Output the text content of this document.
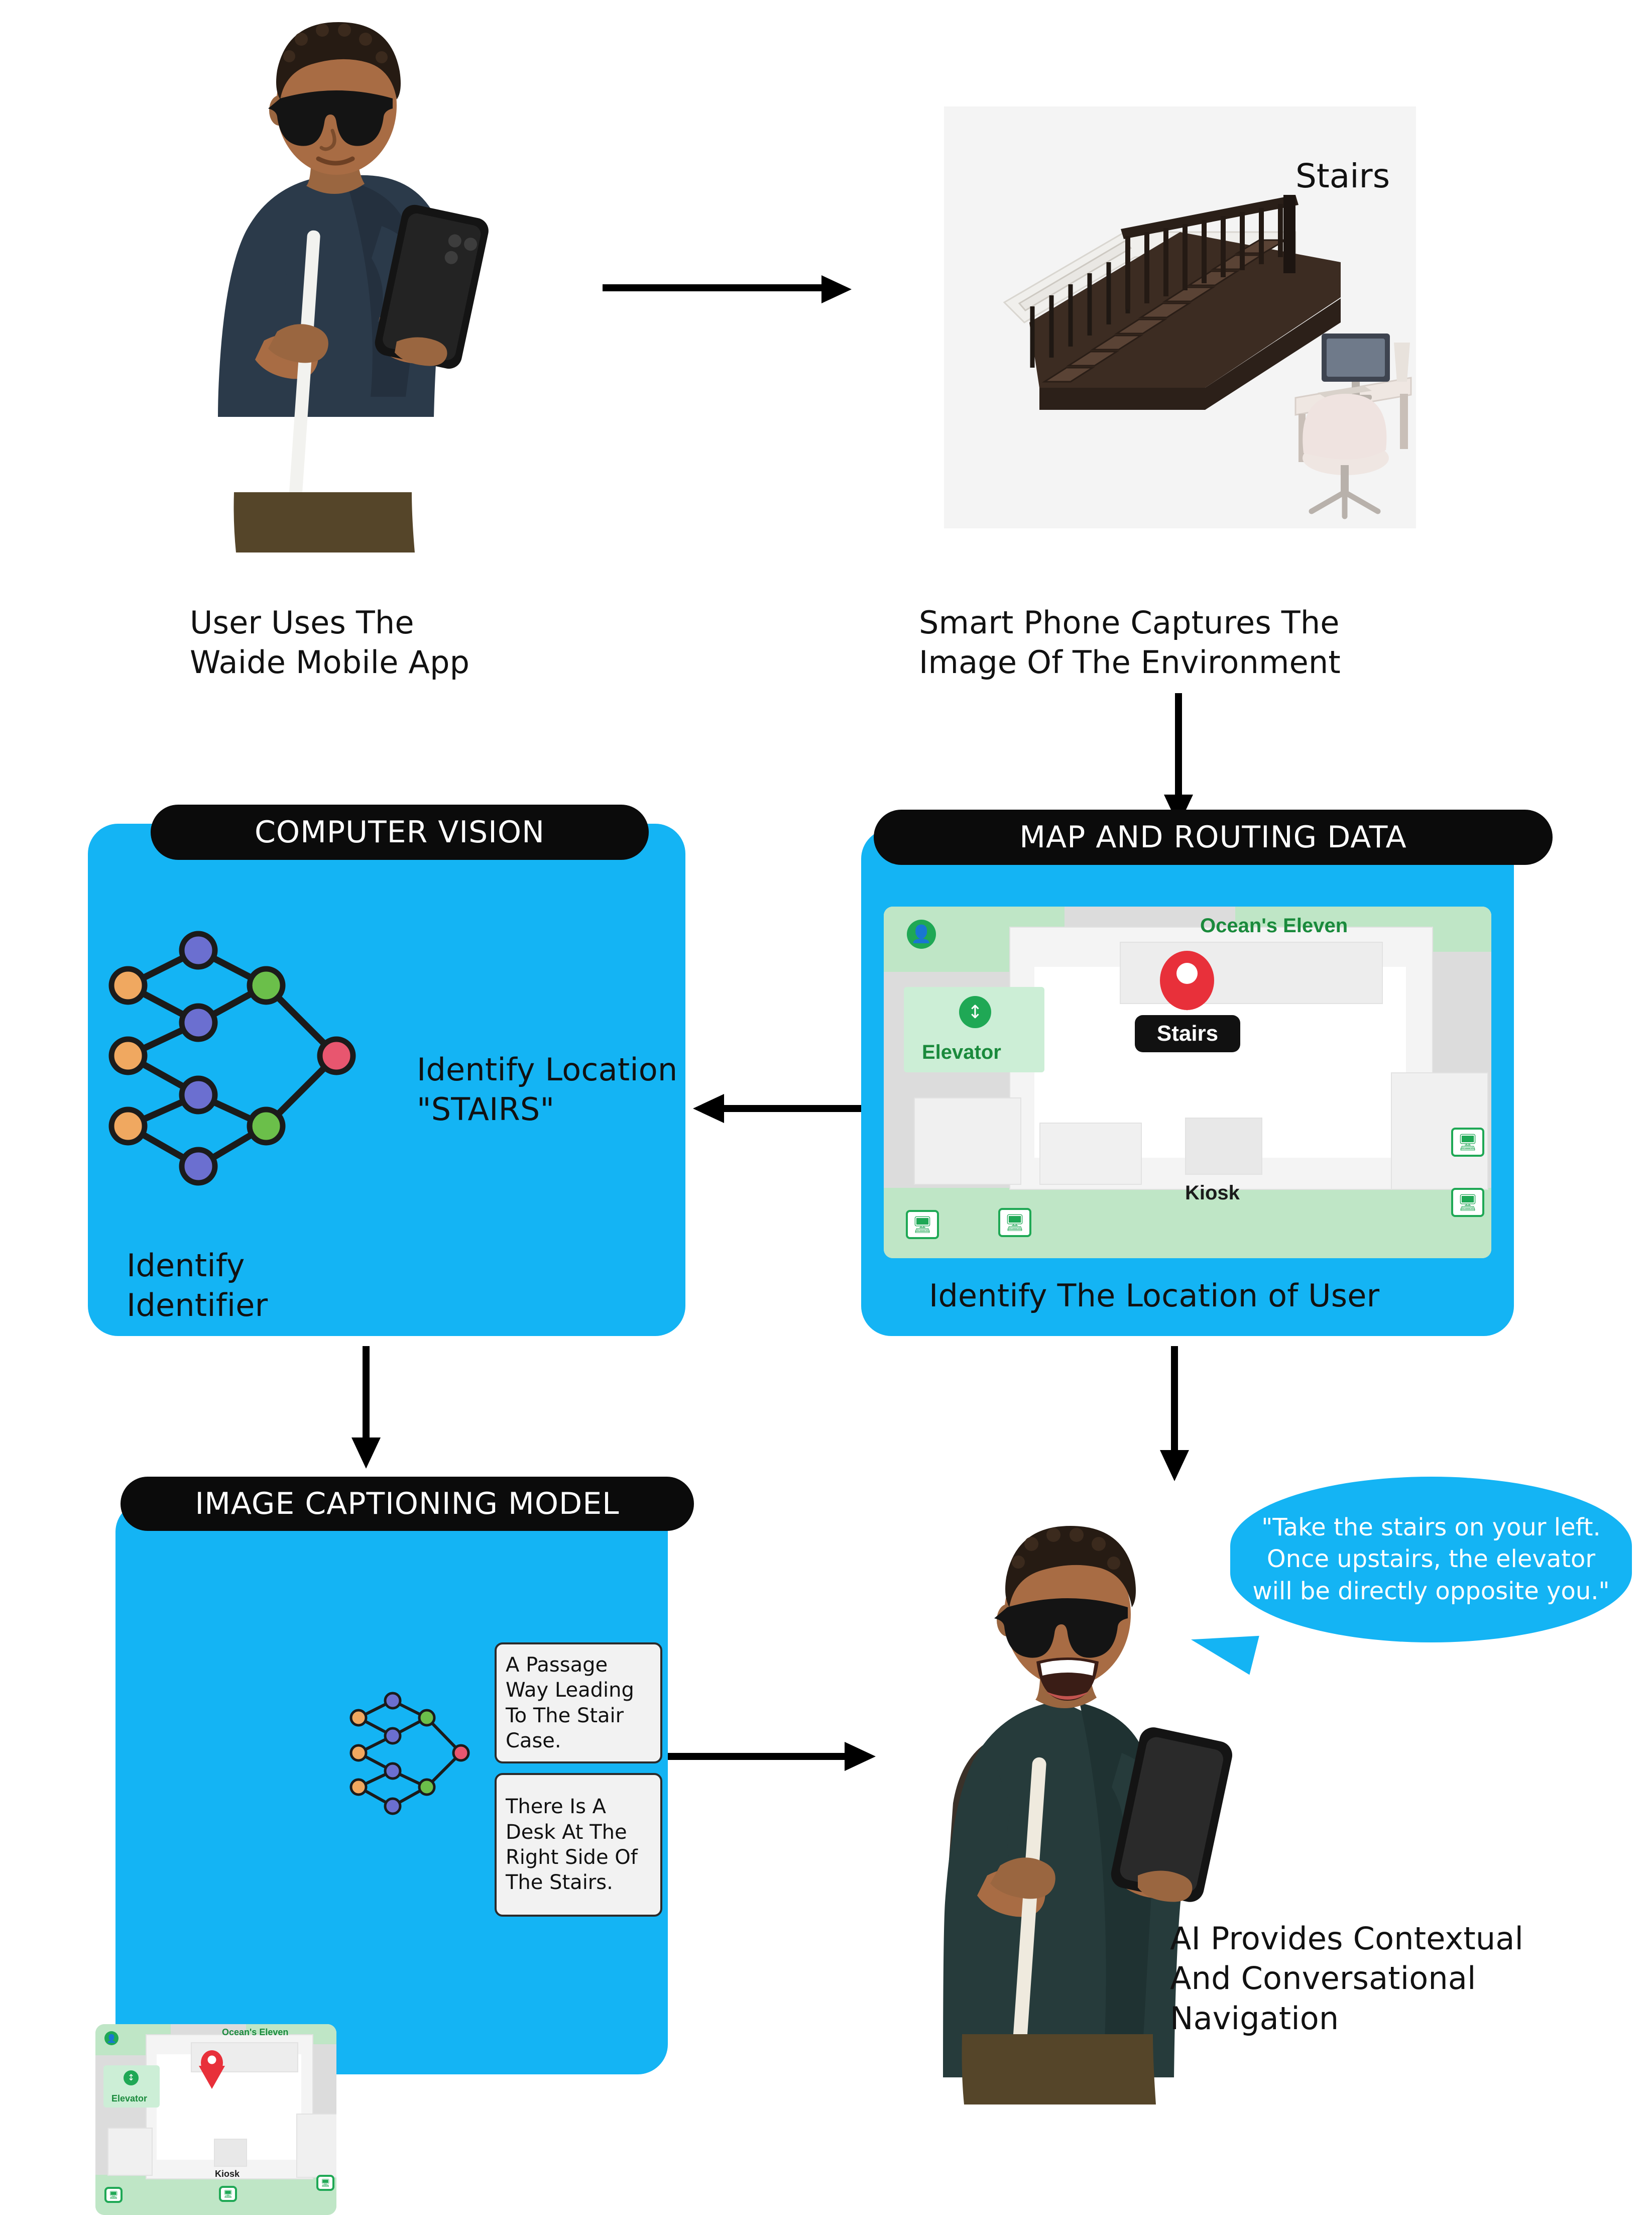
User Uses The
Waide Mobile App
Stairs
Smart Phone Captures The
Image Of The Environment
COMPUTER VISION
Identify Location
"STAIRS"
Identify
Identifier
MAP AND ROUTING DATA
Ocean's Eleven
Elevator
Kiosk
👤
↕
🖥	🖥
🖥
🖥
Stairs
Identify The Location of User
IMAGE CAPTIONING MODEL
Ocean's Eleven
Elevator
Kiosk
👤
↕
🖥	🖥
🖥
A Passage Way Leading To The Stair Case.
There Is A Desk At The Right Side Of The Stairs.
"Take the stairs on your left. Once upstairs, the elevator will be directly opposite you."
AI Provides Contextual
And Conversational
Navigation
